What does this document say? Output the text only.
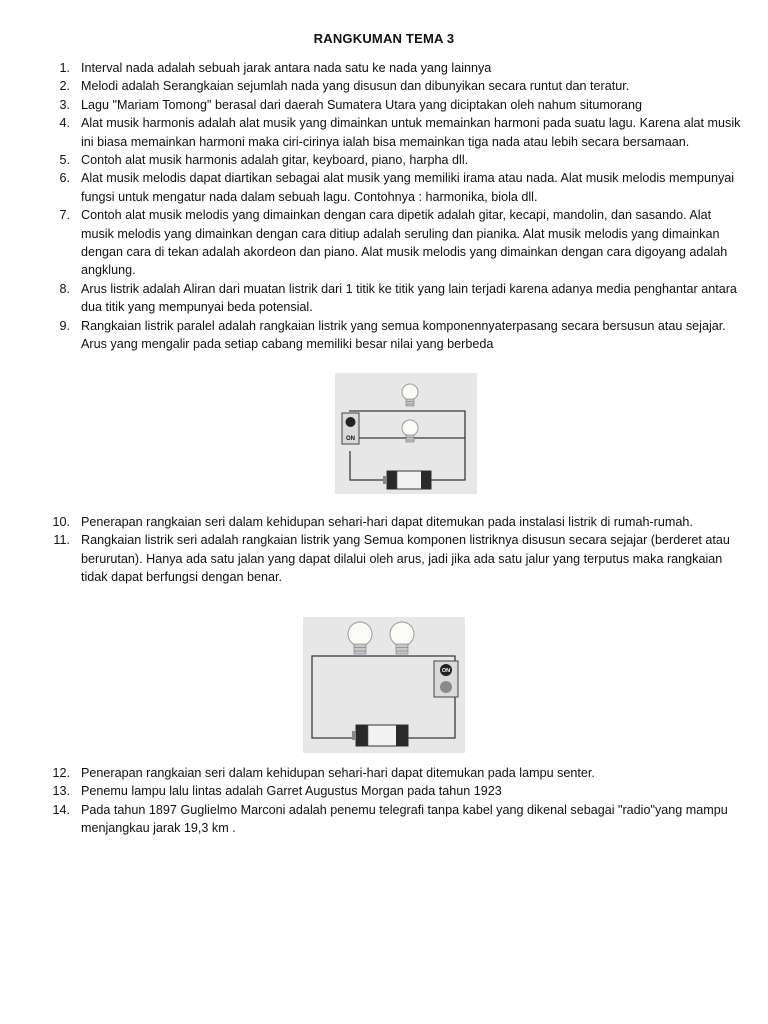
RANGKUMAN TEMA 3
1. Interval nada adalah sebuah jarak antara nada satu ke nada yang lainnya
2. Melodi adalah Serangkaian sejumlah nada yang disusun dan dibunyikan secara runtut dan teratur.
3. Lagu "Mariam Tomong" berasal dari daerah Sumatera Utara yang diciptakan oleh nahum situmorang
4. Alat musik harmonis adalah alat musik yang dimainkan untuk memainkan harmoni pada suatu lagu. Karena alat musik ini biasa memainkan harmoni maka ciri-cirinya ialah bisa memainkan tiga nada atau lebih secara bersamaan.
5. Contoh alat musik harmonis adalah gitar, keyboard, piano, harpha dll.
6. Alat musik melodis dapat diartikan sebagai alat musik yang memiliki irama atau nada. Alat musik melodis mempunyai fungsi untuk mengatur nada dalam sebuah lagu. Contohnya : harmonika, biola dll.
7. Contoh alat musik melodis yang dimainkan dengan cara dipetik adalah gitar, kecapi, mandolin, dan sasando. Alat musik melodis yang dimainkan dengan cara ditiup adalah seruling dan pianika. Alat musik melodis yang dimainkan dengan cara di tekan adalah akordeon dan piano. Alat musik melodis yang dimainkan dengan cara digoyang adalah angklung.
8. Arus listrik adalah Aliran dari muatan listrik dari 1 titik ke titik yang lain terjadi karena adanya media penghantar antara dua titik yang mempunyai beda potensial.
9. Rangkaian listrik paralel adalah rangkaian listrik yang semua komponennyaterpasang secara bersusun atau sejajar. Arus yang mengalir pada setiap cabang memiliki besar nilai yang berbeda
ON
10. Penerapan rangkaian seri dalam kehidupan sehari-hari dapat ditemukan pada instalasi listrik di rumah-rumah.
11. Rangkaian listrik seri adalah rangkaian listrik yang Semua komponen listriknya disusun secara sejajar (berderet atau berurutan). Hanya ada satu jalan yang dapat dilalui oleh arus, jadi jika ada satu jalur yang terputus maka rangkaian tidak dapat berfungsi dengan benar.
ON
12. Penerapan rangkaian seri dalam kehidupan sehari-hari dapat ditemukan pada lampu senter.
13. Penemu lampu lalu lintas adalah Garret Augustus Morgan pada tahun 1923
14. Pada tahun 1897 Guglielmo Marconi adalah penemu telegrafi tanpa kabel yang dikenal sebagai "radio"yang mampu menjangkau jarak 19,3 km .
